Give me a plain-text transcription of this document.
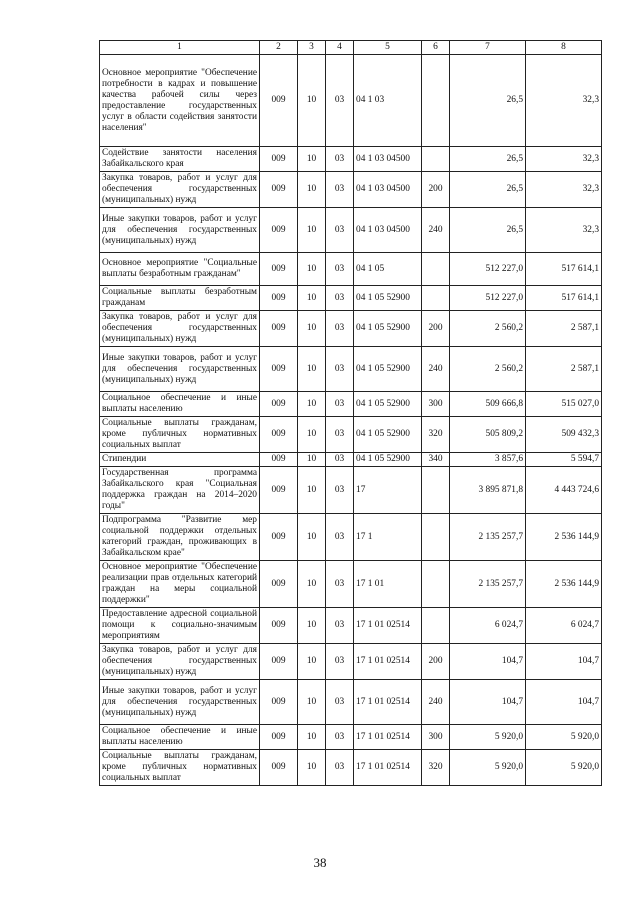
1	2	3	4	5	6	7	8
Основное мероприятие "Обеспечение потребности в кадрах и повышение качества рабочей силы через предоставление государственных услуг в области содействия занятости населения"	009	10	03	04 1 03		26,5	32,3
Содействие занятости населения Забайкальского края	009	10	03	04 1 03 04500		26,5	32,3
Закупка товаров, работ и услуг для обеспечения государственных (муниципальных) нужд	009	10	03	04 1 03 04500	200	26,5	32,3
Иные закупки товаров, работ и услуг для обеспечения государственных (муниципальных) нужд	009	10	03	04 1 03 04500	240	26,5	32,3
Основное мероприятие "Социальные выплаты безработным гражданам"	009	10	03	04 1 05		512 227,0	517 614,1
Социальные выплаты безработным гражданам	009	10	03	04 1 05 52900		512 227,0	517 614,1
Закупка товаров, работ и услуг для обеспечения государственных (муниципальных) нужд	009	10	03	04 1 05 52900	200	2 560,2	2 587,1
Иные закупки товаров, работ и услуг для обеспечения государственных (муниципальных) нужд	009	10	03	04 1 05 52900	240	2 560,2	2 587,1
Социальное обеспечение и иные выплаты населению	009	10	03	04 1 05 52900	300	509 666,8	515 027,0
Социальные выплаты гражданам, кроме публичных нормативных социальных выплат	009	10	03	04 1 05 52900	320	505 809,2	509 432,3
Стипендии	009	10	03	04 1 05 52900	340	3 857,6	5 594,7
Государственная программа Забайкальского края "Социальная поддержка граждан на 2014–2020 годы"	009	10	03	17		3 895 871,8	4 443 724,6
Подпрограмма "Развитие мер социальной поддержки отдельных категорий граждан, проживающих в Забайкальском крае"	009	10	03	17 1		2 135 257,7	2 536 144,9
Основное мероприятие "Обеспечение реализации прав отдельных категорий граждан на меры социальной поддержки"	009	10	03	17 1 01		2 135 257,7	2 536 144,9
Предоставление адресной социальной помощи к социально-значимым мероприятиям	009	10	03	17 1 01 02514		6 024,7	6 024,7
Закупка товаров, работ и услуг для обеспечения государственных (муниципальных) нужд	009	10	03	17 1 01 02514	200	104,7	104,7
Иные закупки товаров, работ и услуг для обеспечения государственных (муниципальных) нужд	009	10	03	17 1 01 02514	240	104,7	104,7
Социальное обеспечение и иные выплаты населению	009	10	03	17 1 01 02514	300	5 920,0	5 920,0
Социальные выплаты гражданам, кроме публичных нормативных социальных выплат	009	10	03	17 1 01 02514	320	5 920,0	5 920,0
38
